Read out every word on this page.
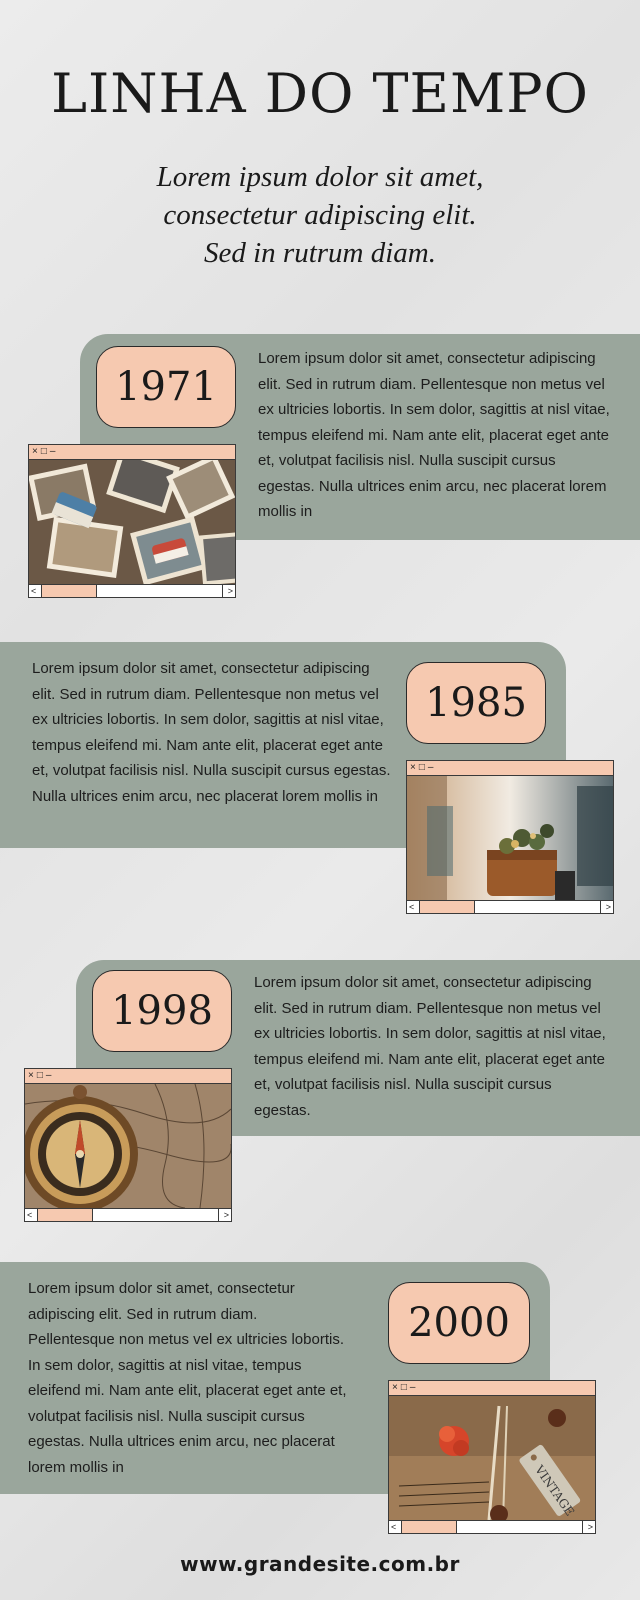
LINHA DO TEMPO
Lorem ipsum dolor sit amet,
consectetur adipiscing elit.
Sed in rutrum diam.
1971
Lorem ipsum dolor sit amet, consectetur adipiscing elit. Sed in rutrum diam. Pellentesque non metus vel ex ultricies lobortis. In sem dolor, sagittis at nisl vitae, tempus eleifend mi. Nam ante elit, placerat eget ante et, volutpat facilisis nisl. Nulla suscipit cursus egestas. Nulla ultrices enim arcu, nec placerat lorem mollis in
× □ –
<	>
Lorem ipsum dolor sit amet, consectetur adipiscing elit. Sed in rutrum diam. Pellentesque non metus vel ex ultricies lobortis. In sem dolor, sagittis at nisl vitae, tempus eleifend mi. Nam ante elit, placerat eget ante et, volutpat facilisis nisl. Nulla suscipit cursus egestas. Nulla ultrices enim arcu, nec placerat lorem mollis in
1985
× □ –
<	>
1998
Lorem ipsum dolor sit amet, consectetur adipiscing elit. Sed in rutrum diam. Pellentesque non metus vel ex ultricies lobortis. In sem dolor, sagittis at nisl vitae, tempus eleifend mi. Nam ante elit, placerat eget ante et, volutpat facilisis nisl. Nulla suscipit cursus egestas.
× □ –
<	>
Lorem ipsum dolor sit amet, consectetur adipiscing elit. Sed in rutrum diam. Pellentesque non metus vel ex ultricies lobortis. In sem dolor, sagittis at nisl vitae, tempus eleifend mi. Nam ante elit, placerat eget ante et, volutpat facilisis nisl. Nulla suscipit cursus egestas. Nulla ultrices enim arcu, nec placerat lorem mollis in
2000
× □ –
VINTAGE
<	>
www.grandesite.com.br
